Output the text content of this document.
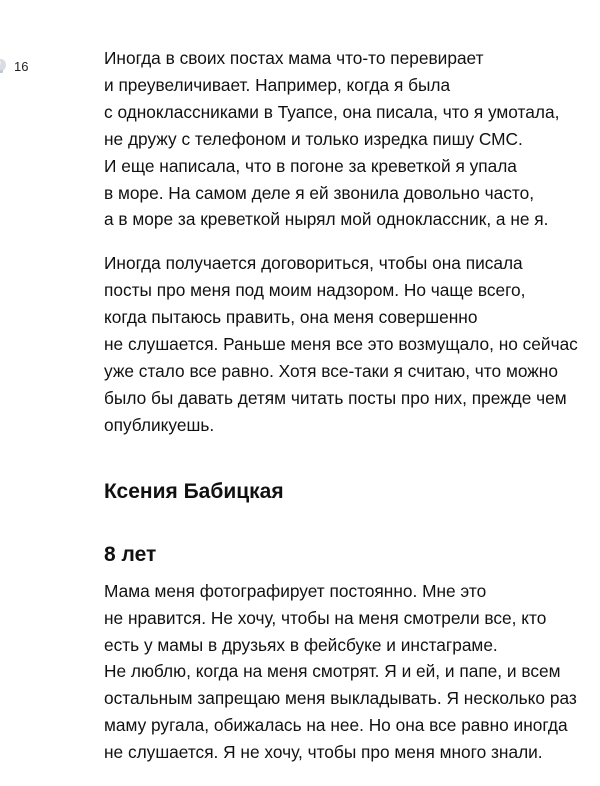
16	Иногда в своих постах мама что-то перевирает
и преувеличивает. Например, когда я была
с одноклассниками в Туапсе, она писала, что я умотала,
не дружу с телефоном и только изредка пишу СМС.
И еще написала, что в погоне за креветкой я упала
в море. На самом деле я ей звонила довольно часто,
а в море за креветкой нырял мой одноклассник, а не я.

Иногда получается договориться, чтобы она писала
посты про меня под моим надзором. Но чаще всего,
когда пытаюсь править, она меня совершенно
не слушается. Раньше меня все это возмущало, но сейчас
уже стало все равно. Хотя все-таки я считаю, что можно
было бы давать детям читать посты про них, прежде чем
опубликуешь.

Ксения Бабицкая
8 лет

Мама меня фотографирует постоянно. Мне это
не нравится. Не хочу, чтобы на меня смотрели все, кто
есть у мамы в друзьях в фейсбуке и инстаграме.
Не люблю, когда на меня смотрят. Я и ей, и папе, и всем
остальным запрещаю меня выкладывать. Я несколько раз
маму ругала, обижалась на нее. Но она все равно иногда
не слушается. Я не хочу, чтобы про меня много знали.
